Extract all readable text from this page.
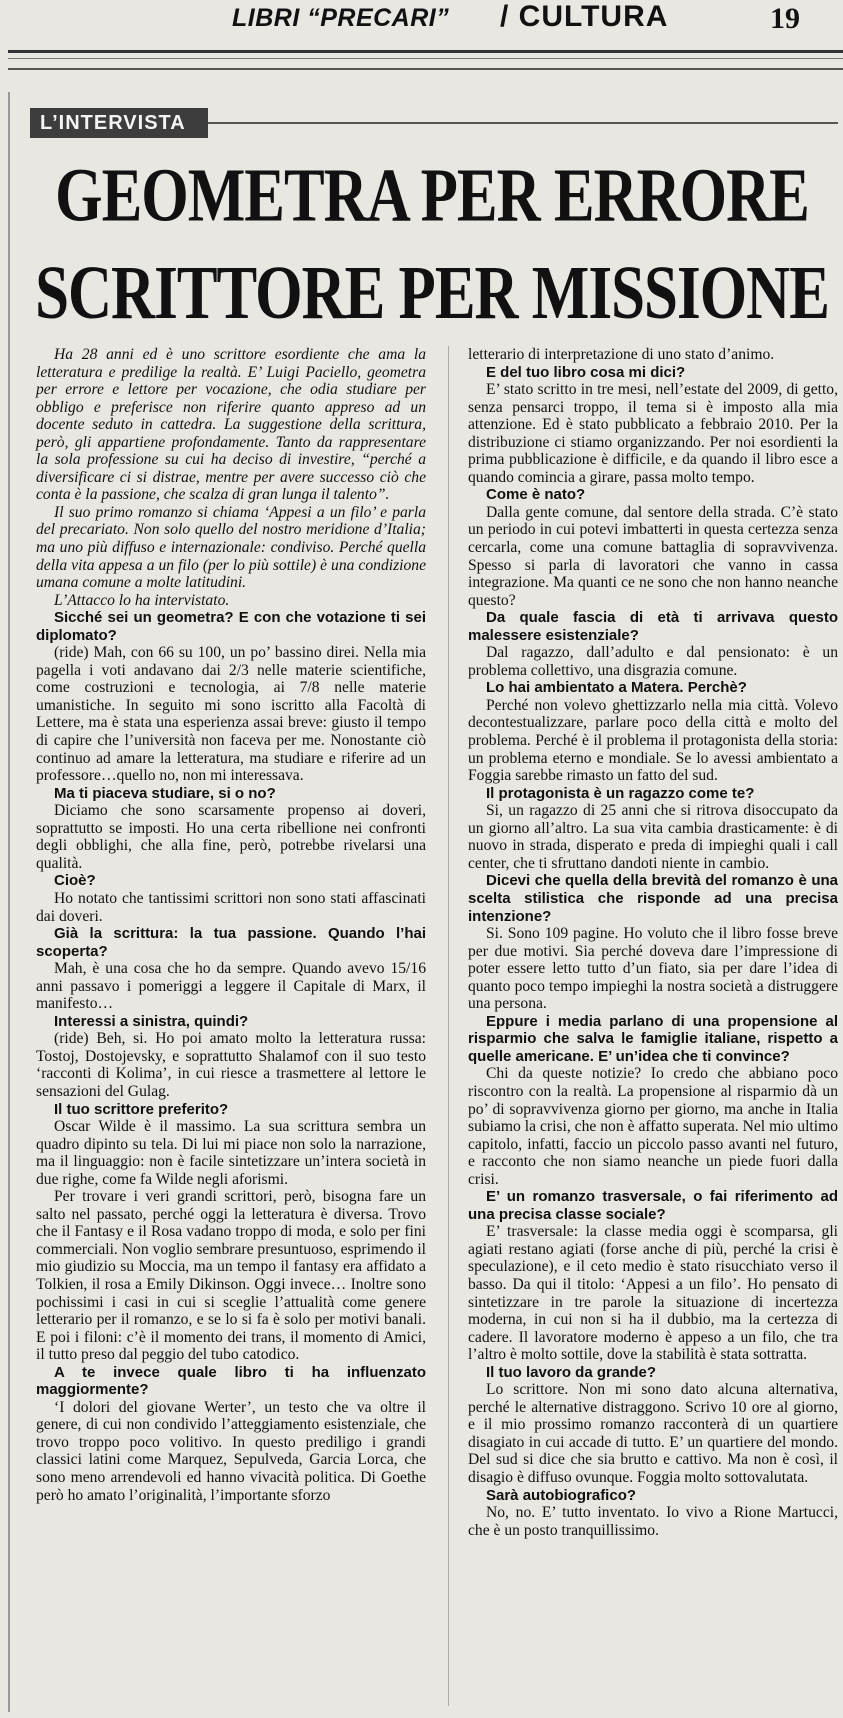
LIBRI “PRECARI” / CULTURA	19
L’INTERVISTA
GEOMETRA PER ERRORE
SCRITTORE PER MISSIONE

Ha 28 anni ed è uno scrittore esordiente che ama la letteratura e predilige la realtà. E’ Luigi Paciello, geometra per errore e lettore per vocazione, che odia studiare per obbligo e preferisce non riferire quanto appreso ad un docente seduto in cattedra. La suggestione della scrittura, però, gli appartiene profondamente. Tanto da rappresentare la sola professione su cui ha deciso di investire, “perché a diversificare ci si distrae, mentre per avere successo ciò che conta è la passione, che scalza di gran lunga il talento”.

Il suo primo romanzo si chiama ‘Appesi a un filo’ e parla del precariato. Non solo quello del nostro meridione d’Italia; ma uno più diffuso e internazionale: condiviso. Perché quella della vita appesa a un filo (per lo più sottile) è una condizione umana comune a molte latitudini.

L’Attacco lo ha intervistato.

Sicché sei un geometra? E con che votazione ti sei diplomato?

(ride) Mah, con 66 su 100, un po’ bassino direi. Nella mia pagella i voti andavano dai 2/3 nelle materie scientifiche, come costruzioni e tecnologia, ai 7/8 nelle materie umanistiche. In seguito mi sono iscritto alla Facoltà di Lettere, ma è stata una esperienza assai breve: giusto il tempo di capire che l’università non faceva per me. Nonostante ciò continuo ad amare la letteratura, ma studiare e riferire ad un professore…quello no, non mi interessava.

Ma ti piaceva studiare, si o no?

Diciamo che sono scarsamente propenso ai doveri, soprattutto se imposti. Ho una certa ribellione nei confronti degli obblighi, che alla fine, però, potrebbe rivelarsi una qualità.

Cioè?

Ho notato che tantissimi scrittori non sono stati affascinati dai doveri.

Già la scrittura: la tua passione. Quando l’hai scoperta?

Mah, è una cosa che ho da sempre. Quando avevo 15/16 anni passavo i pomeriggi a leggere il Capitale di Marx, il manifesto…

Interessi a sinistra, quindi?

(ride) Beh, si. Ho poi amato molto la letteratura russa: Tostoj, Dostojevsky, e soprattutto Shalamof con il suo testo ‘racconti di Kolima’, in cui riesce a trasmettere al lettore le sensazioni del Gulag.

Il tuo scrittore preferito?

Oscar Wilde è il massimo. La sua scrittura sembra un quadro dipinto su tela. Di lui mi piace non solo la narrazione, ma il linguaggio: non è facile sintetizzare un’intera società in due righe, come fa Wilde negli aforismi.

Per trovare i veri grandi scrittori, però, bisogna fare un salto nel passato, perché oggi la letteratura è diversa. Trovo che il Fantasy e il Rosa vadano troppo di moda, e solo per fini commerciali. Non voglio sembrare presuntuoso, esprimendo il mio giudizio su Moccia, ma un tempo il fantasy era affidato a Tolkien, il rosa a Emily Dikinson. Oggi invece… Inoltre sono pochissimi i casi in cui si sceglie l’attualità come genere letterario per il romanzo, e se lo si fa è solo per motivi banali. E poi i filoni: c’è il momento dei trans, il momento di Amici, il tutto preso dal peggio del tubo catodico.

A te invece quale libro ti ha influenzato maggiormente?

‘I dolori del giovane Werter’, un testo che va oltre il genere, di cui non condivido l’atteggiamento esistenziale, che trovo troppo poco volitivo. In questo prediligo i grandi classici latini come Marquez, Sepulveda, Garcia Lorca, che sono meno arrendevoli ed hanno vivacità politica. Di Goethe però ho amato l’originalità, l’importante sforzo

letterario di interpretazione di uno stato d’animo.

E del tuo libro cosa mi dici?

E’ stato scritto in tre mesi, nell’estate del 2009, di getto, senza pensarci troppo, il tema si è imposto alla mia attenzione. Ed è stato pubblicato a febbraio 2010. Per la distribuzione ci stiamo organizzando. Per noi esordienti la prima pubblicazione è difficile, e da quando il libro esce a quando comincia a girare, passa molto tempo.

Come è nato?

Dalla gente comune, dal sentore della strada. C’è stato un periodo in cui potevi imbatterti in questa certezza senza cercarla, come una comune battaglia di sopravvivenza. Spesso si parla di lavoratori che vanno in cassa integrazione. Ma quanti ce ne sono che non hanno neanche questo?

Da quale fascia di età ti arrivava questo malessere esistenziale?

Dal ragazzo, dall’adulto e dal pensionato: è un problema collettivo, una disgrazia comune.

Lo hai ambientato a Matera. Perchè?

Perché non volevo ghettizzarlo nella mia città. Volevo decontestualizzare, parlare poco della città e molto del problema. Perché è il problema il protagonista della storia: un problema eterno e mondiale. Se lo avessi ambientato a Foggia sarebbe rimasto un fatto del sud.

Il protagonista è un ragazzo come te?

Si, un ragazzo di 25 anni che si ritrova disoccupato da un giorno all’altro. La sua vita cambia drasticamente: è di nuovo in strada, disperato e preda di impieghi quali i call center, che ti sfruttano dandoti niente in cambio.

Dicevi che quella della brevità del romanzo è una scelta stilistica che risponde ad una precisa intenzione?

Si. Sono 109 pagine. Ho voluto che il libro fosse breve per due motivi. Sia perché doveva dare l’impressione di poter essere letto tutto d’un fiato, sia per dare l’idea di quanto poco tempo impieghi la nostra società a distruggere una persona.

Eppure i media parlano di una propensione al risparmio che salva le famiglie italiane, rispetto a quelle americane. E’ un’idea che ti convince?

Chi da queste notizie? Io credo che abbiano poco riscontro con la realtà. La propensione al risparmio dà un po’ di sopravvivenza giorno per giorno, ma anche in Italia subiamo la crisi, che non è affatto superata. Nel mio ultimo capitolo, infatti, faccio un piccolo passo avanti nel futuro, e racconto che non siamo neanche un piede fuori dalla crisi.

E’ un romanzo trasversale, o fai riferimento ad una precisa classe sociale?

E’ trasversale: la classe media oggi è scomparsa, gli agiati restano agiati (forse anche di più, perché la crisi è speculazione), e il ceto medio è stato risucchiato verso il basso. Da qui il titolo: ‘Appesi a un filo’. Ho pensato di sintetizzare in tre parole la situazione di incertezza moderna, in cui non si ha il dubbio, ma la certezza di cadere. Il lavoratore moderno è appeso a un filo, che tra l’altro è molto sottile, dove la stabilità è stata sottratta.

Il tuo lavoro da grande?

Lo scrittore. Non mi sono dato alcuna alternativa, perché le alternative distraggono. Scrivo 10 ore al giorno, e il mio prossimo romanzo racconterà di un quartiere disagiato in cui accade di tutto. E’ un quartiere del mondo. Del sud si dice che sia brutto e cattivo. Ma non è così, il disagio è diffuso ovunque. Foggia molto sottovalutata.

Sarà autobiografico?

No, no. E’ tutto inventato. Io vivo a Rione Martucci, che è un posto tranquillissimo.
